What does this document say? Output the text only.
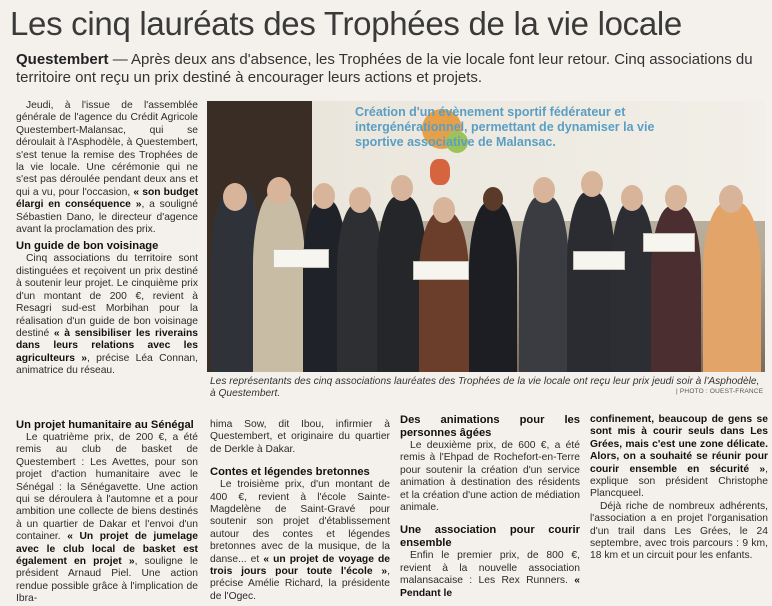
Les cinq lauréats des Trophées de la vie locale
Questembert — Après deux ans d'absence, les Trophées de la vie locale font leur retour. Cinq associations du territoire ont reçu un prix destiné à encourager leurs actions et projets.

Jeudi, à l'issue de l'assemblée générale de l'agence du Crédit Agricole Questembert-Malansac, qui se déroulait à l'Asphodèle, à Questembert, s'est tenue la remise des Trophées de la vie locale. Une cérémonie qui ne s'est pas déroulée pendant deux ans et qui a vu, pour l'occasion, « son budget élargi en conséquence », a souligné Sébastien Dano, le directeur d'agence avant la proclamation des prix.

Un guide de bon voisinage

Cinq associations du territoire sont distinguées et reçoivent un prix destiné à soutenir leur projet. Le cinquième prix d'un montant de 200 €, revient à Resagri sud-est Morbihan pour la réalisation d'un guide de bon voisinage destiné « à sensibiliser les riverains dans leurs relations avec les agriculteurs », précise Léa Connan, animatrice du réseau.

Un projet humanitaire au Sénégal

Le quatrième prix, de 200 €, a été remis au club de basket de Questembert : Les Avettes, pour son projet d'action humanitaire avec le Sénégal : la Sénégavette. Une action qui se déroulera à l'automne et a pour ambition une collecte de biens destinés à un quartier de Dakar et l'envoi d'un container. « Un projet de jumelage avec le club local de basket est également en projet », souligne le président Arnaud Piel. Une action rendue possible grâce à l'implication de Ibra-

Création d'un évènement sportif fédérateur et intergénérationnel, permettant de dynamiser la vie sportive associative de Malansac.
Les représentants des cinq associations lauréates des Trophées de la vie locale ont reçu leur prix jeudi soir à l'Asphodèle, à Questembert.	| PHOTO : OUEST-FRANCE

hima Sow, dit Ibou, infirmier à Questembert, et originaire du quartier de Derkle à Dakar.

Contes et légendes bretonnes

Le troisième prix, d'un montant de 400 €, revient à l'école Sainte-Magdelène de Saint-Gravé pour soutenir son projet d'établissement autour des contes et légendes bretonnes avec de la musique, de la danse... et « un projet de voyage de trois jours pour toute l'école », précise Amélie Richard, la présidente de l'Ogec.

Des animations pour les personnes âgées

Le deuxième prix, de 600 €, a été remis à l'Ehpad de Rochefort-en-Terre pour soutenir la création d'un service animation à destination des résidents et la création d'une action de médiation animale.

Une association pour courir ensemble

Enfin le premier prix, de 800 €, revient à la nouvelle association malansacaise : Les Rex Runners. « Pendant le

confinement, beaucoup de gens se sont mis à courir seuls dans Les Grées, mais c'est une zone délicate. Alors, on a souhaité se réunir pour courir ensemble en sécurité », explique son président Christophe Plancqueel.

Déjà riche de nombreux adhérents, l'association a en projet l'organisation d'un trail dans Les Grées, le 24 septembre, avec trois parcours : 9 km, 18 km et un circuit pour les enfants.
